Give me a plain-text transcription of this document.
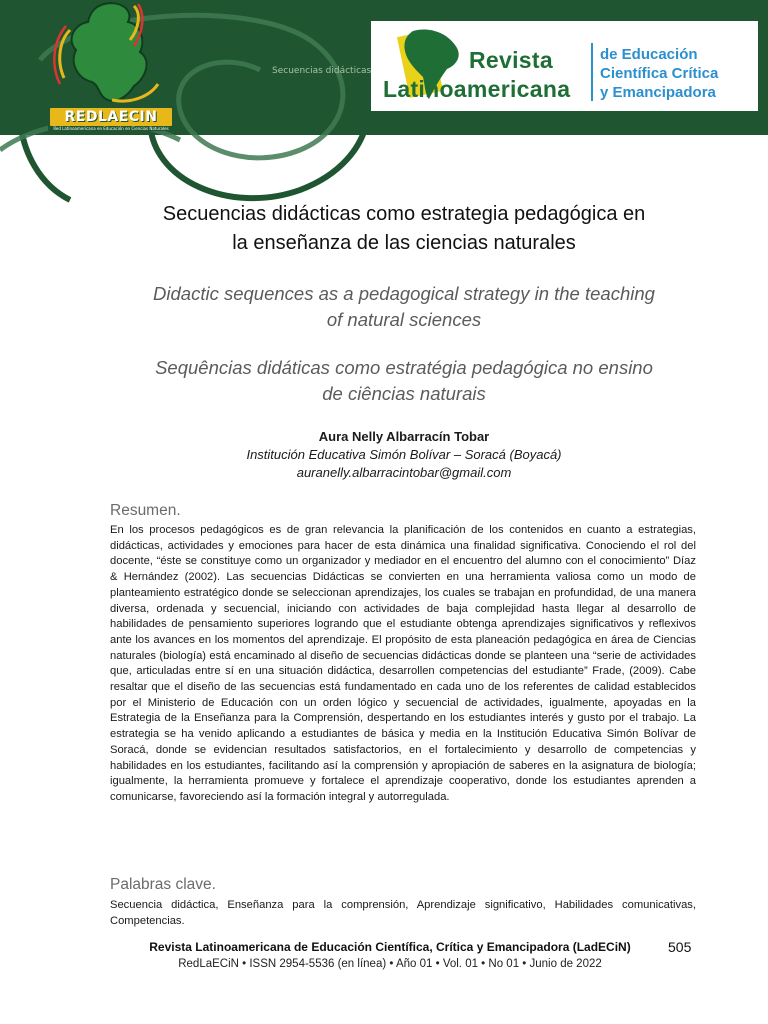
REDLAECIN
Red Latinoamericana en Educación en Ciencias Naturales
Secuencias didácticas	Revista
Latinoamericana
de Educación
Científica Crítica
y Emancipadora
Secuencias didácticas como estrategia pedagógica en
la enseñanza de las ciencias naturales
Didactic sequences as a pedagogical strategy in the teaching
of natural sciences
Sequências didáticas como estratégia pedagógica no ensino
de ciências naturais
Aura Nelly Albarracín Tobar
Institución Educativa Simón Bolívar – Soracá (Boyacá)
auranelly.albarracintobar@gmail.com
Resumen.

En los procesos pedagógicos es de gran relevancia la planificación de los contenidos en cuanto a estrategias, didácticas, actividades y emociones para hacer de esta dinámica una finalidad significativa. Conociendo el rol del docente, “éste se constituye como un organizador y mediador en el encuentro del alumno con el conocimiento” Díaz & Hernández (2002). Las secuencias Didácticas se convierten en una herramienta valiosa como un modo de planteamiento estratégico donde se seleccionan aprendizajes, los cuales se trabajan en profundidad, de una manera diversa, ordenada y secuencial, iniciando con actividades de baja complejidad hasta llegar al desarrollo de habilidades de pensamiento superiores logrando que el estudiante obtenga aprendizajes significativos y reflexivos ante los avances en los momentos del aprendizaje. El propósito de esta planeación pedagógica en área de Ciencias naturales (biología) está encaminado al diseño de secuencias didácticas donde se planteen una “serie de actividades que, articuladas entre sí en una situación didáctica, desarrollen competencias del estudiante” Frade, (2009). Cabe resaltar que el diseño de las secuencias está fundamentado en cada uno de los referentes de calidad establecidos por el Ministerio de Educación con un orden lógico y secuencial de actividades, igualmente, apoyadas en la Estrategia de la Enseñanza para la Comprensión, despertando en los estudiantes interés y gusto por el trabajo. La estrategia se ha venido aplicando a estudiantes de básica y media en la Institución Educativa Simón Bolívar de Soracá, donde se evidencian resultados satisfactorios, en el fortalecimiento y desarrollo de competencias y habilidades en los estudiantes, facilitando así la comprensión y apropiación de saberes en la asignatura de biología; igualmente, la herramienta promueve y fortalece el aprendizaje cooperativo, donde los estudiantes aprenden a comunicarse, favoreciendo así la formación integral y autorregulada.

Palabras clave.

Secuencia didáctica, Enseñanza para la comprensión, Aprendizaje significativo, Habilidades comunicativas, Competencias.

Revista Latinoamericana de Educación Científica, Crítica y Emancipadora (LadECiN)
RedLaECiN • ISSN 2954-5536 (en línea) • Año 01 • Vol. 01 • No 01 • Junio de 2022
505
